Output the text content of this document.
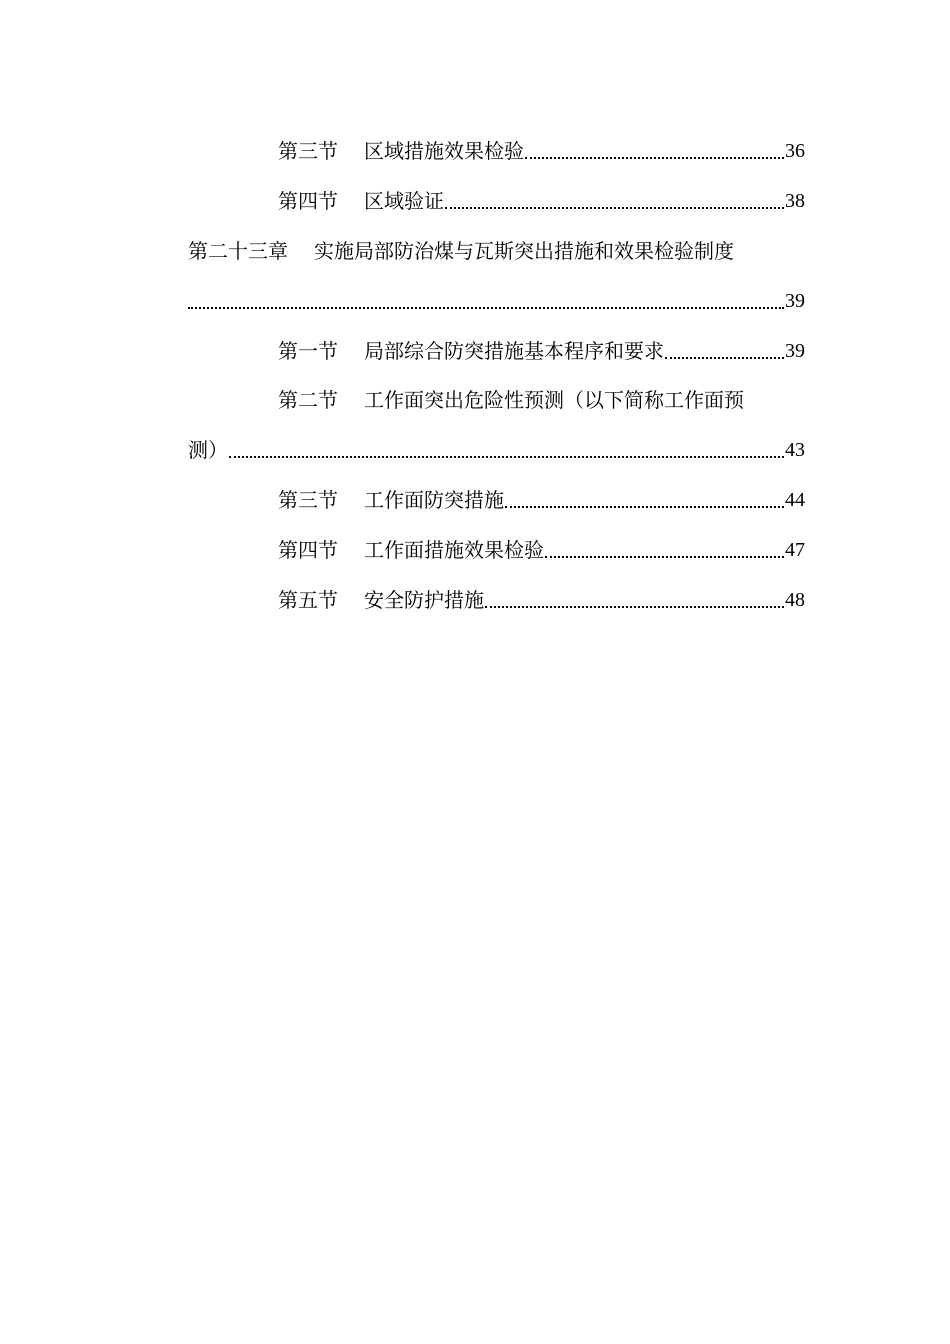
第三节 区域措施效果检验	36
第四节 区域验证	38
第二十三章 实施局部防治煤与瓦斯突出措施和效果检验制度
39
第一节 局部综合防突措施基本程序和要求	39
第二节 工作面突出危险性预测（以下简称工作面预
测）	43
第三节 工作面防突措施	44
第四节 工作面措施效果检验	47
第五节 安全防护措施	48
